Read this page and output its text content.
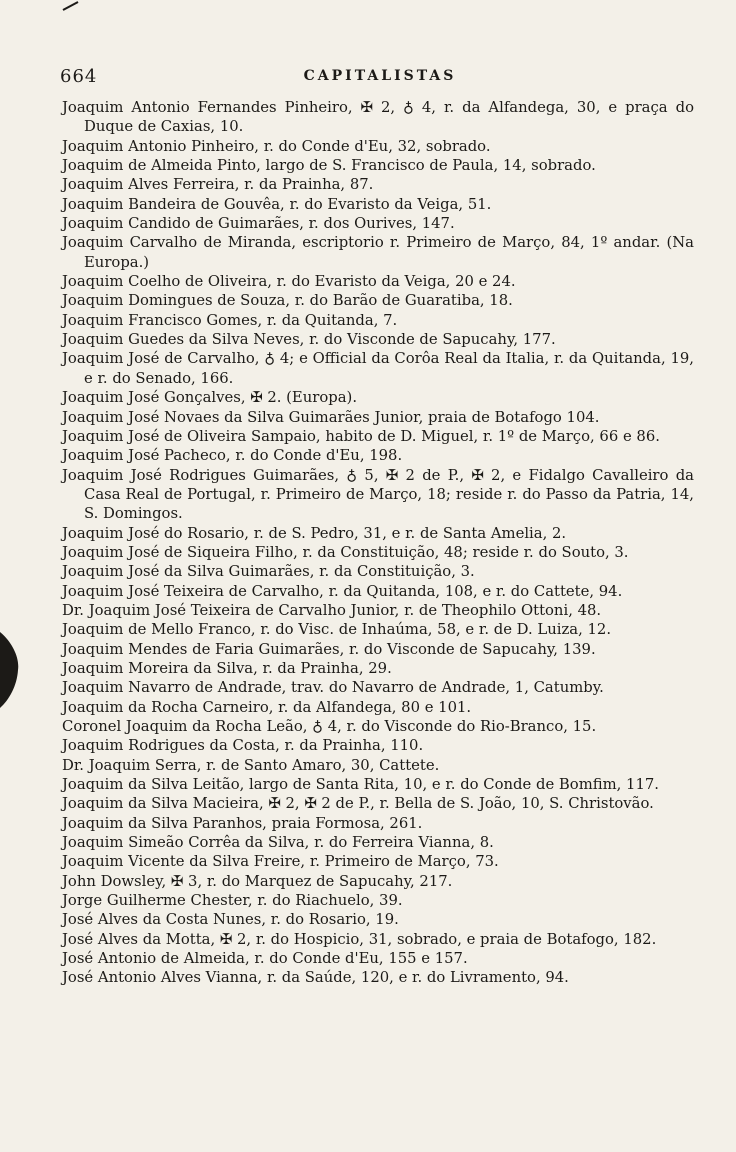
664	CAPITALISTAS
Joaquim Antonio Fernandes Pinheiro, ✠ 2, ♁ 4, r. da Alfandega, 30, e praça do Duque de Caxias, 10.
Joaquim Antonio Pinheiro, r. do Conde d'Eu, 32, sobrado.
Joaquim de Almeida Pinto, largo de S. Francisco de Paula, 14, sobrado.
Joaquim Alves Ferreira, r. da Prainha, 87.
Joaquim Bandeira de Gouvêa, r. do Evaristo da Veiga, 51.
Joaquim Candido de Guimarães, r. dos Ourives, 147.
Joaquim Carvalho de Miranda, escriptorio r. Primeiro de Março, 84, 1º andar. (Na Europa.)
Joaquim Coelho de Oliveira, r. do Evaristo da Veiga, 20 e 24.
Joaquim Domingues de Souza, r. do Barão de Guaratiba, 18.
Joaquim Francisco Gomes, r. da Quitanda, 7.
Joaquim Guedes da Silva Neves, r. do Visconde de Sapucahy, 177.
Joaquim José de Carvalho, ♁ 4; e Official da Corôa Real da Italia, r. da Quitanda, 19, e r. do Senado, 166.
Joaquim José Gonçalves, ✠ 2. (Europa).
Joaquim José Novaes da Silva Guimarães Junior, praia de Botafogo 104.
Joaquim José de Oliveira Sampaio, habito de D. Miguel, r. 1º de Março, 66 e 86.
Joaquim José Pacheco, r. do Conde d'Eu, 198.
Joaquim José Rodrigues Guimarães, ♁ 5, ✠ 2 de P., ✠ 2, e Fidalgo Cavalleiro da Casa Real de Portugal, r. Primeiro de Março, 18; reside r. do Passo da Patria, 14, S. Domingos.
Joaquim José do Rosario, r. de S. Pedro, 31, e r. de Santa Amelia, 2.
Joaquim José de Siqueira Filho, r. da Constituição, 48; reside r. do Souto, 3.
Joaquim José da Silva Guimarães, r. da Constituição, 3.
Joaquim José Teixeira de Carvalho, r. da Quitanda, 108, e r. do Cattete, 94.
Dr. Joaquim José Teixeira de Carvalho Junior, r. de Theophilo Ottoni, 48.
Joaquim de Mello Franco, r. do Visc. de Inhaúma, 58, e r. de D. Luiza, 12.
Joaquim Mendes de Faria Guimarães, r. do Visconde de Sapucahy, 139.
Joaquim Moreira da Silva, r. da Prainha, 29.
Joaquim Navarro de Andrade, trav. do Navarro de Andrade, 1, Catumby.
Joaquim da Rocha Carneiro, r. da Alfandega, 80 e 101.
Coronel Joaquim da Rocha Leão, ♁ 4, r. do Visconde do Rio-Branco, 15.
Joaquim Rodrigues da Costa, r. da Prainha, 110.
Dr. Joaquim Serra, r. de Santo Amaro, 30, Cattete.
Joaquim da Silva Leitão, largo de Santa Rita, 10, e r. do Conde de Bomfim, 117.
Joaquim da Silva Macieira, ✠ 2, ✠ 2 de P., r. Bella de S. João, 10, S. Christovão.
Joaquim da Silva Paranhos, praia Formosa, 261.
Joaquim Simeão Corrêa da Silva, r. do Ferreira Vianna, 8.
Joaquim Vicente da Silva Freire, r. Primeiro de Março, 73.
John Dowsley, ✠ 3, r. do Marquez de Sapucahy, 217.
Jorge Guilherme Chester, r. do Riachuelo, 39.
José Alves da Costa Nunes, r. do Rosario, 19.
José Alves da Motta, ✠ 2, r. do Hospicio, 31, sobrado, e praia de Botafogo, 182.
José Antonio de Almeida, r. do Conde d'Eu, 155 e 157.
José Antonio Alves Vianna, r. da Saúde, 120, e r. do Livramento, 94.
